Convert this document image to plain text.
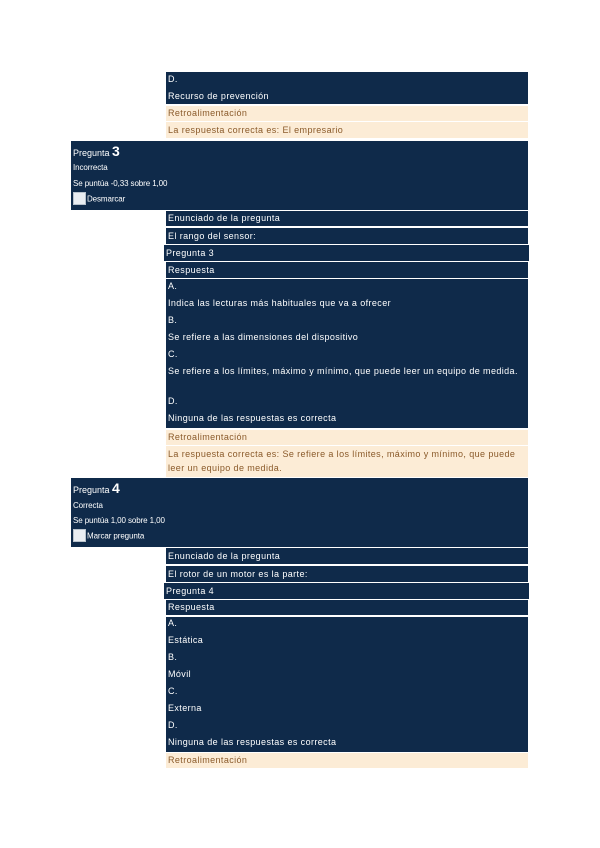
D.
Recurso de prevención
Retroalimentación
La respuesta correcta es: El empresario
Pregunta 3
Incorrecta
Se puntúa -0,33 sobre 1,00
Desmarcar
Enunciado de la pregunta
El rango del sensor:
Pregunta 3
Respuesta
A.
Indica las lecturas más habituales que va a ofrecer
B.
Se refiere a las dimensiones del dispositivo
C.
Se refiere a los límites, máximo y mínimo, que puede leer un equipo de medida.
D.
Ninguna de las respuestas es correcta
Retroalimentación
La respuesta correcta es: Se refiere a los límites, máximo y mínimo, que puede leer un equipo de medida.
Pregunta 4
Correcta
Se puntúa 1,00 sobre 1,00
Marcar pregunta
Enunciado de la pregunta
El rotor de un motor es la parte:
Pregunta 4
Respuesta
A.
Estática
B.
Móvil
C.
Externa
D.
Ninguna de las respuestas es correcta
Retroalimentación
